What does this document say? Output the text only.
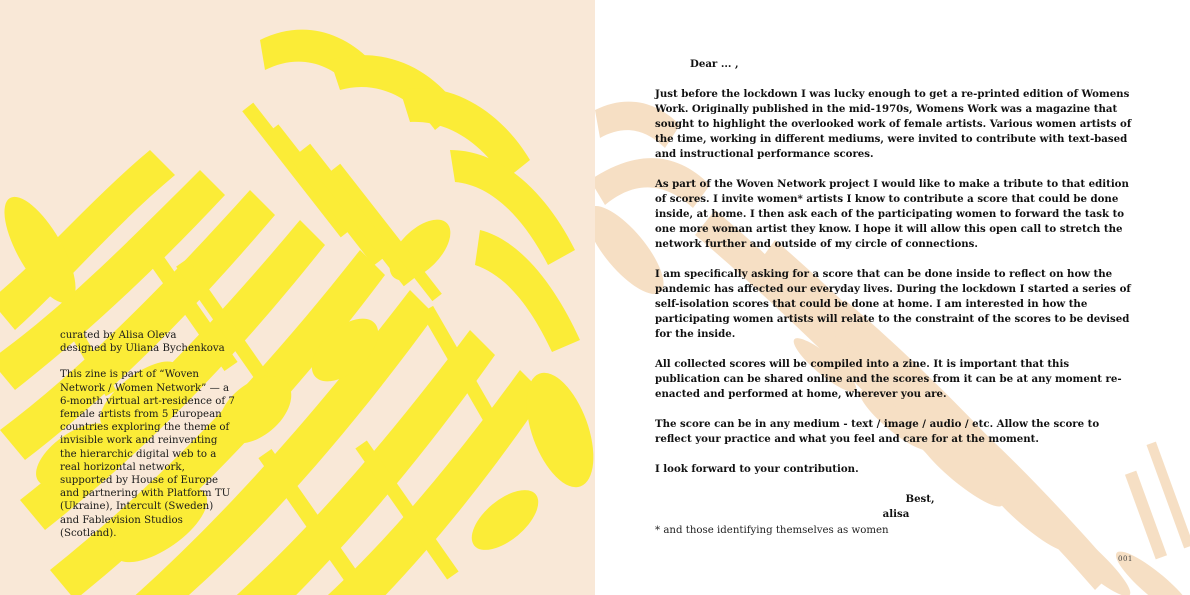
curated by Alisa Oleva
designed by Uliana Bychenkova

This zine is part of “Woven Network / Women Network” — a 6-month virtual art-residence of 7 female artists from 5 European countries exploring the theme of invisible work and reinventing the hierarchic digital web to a real horizontal network, supported by House of Europe and partnering with Platform TU (Ukraine), Intercult (Sweden) and Fablevision Studios (Scotland).

Dear ... ,

Just before the lockdown I was lucky enough to get a re-printed edition of Womens Work. Originally published in the mid-1970s, Womens Work was a magazine that sought to highlight the overlooked work of female artists. Various women artists of the time, working in different mediums, were invited to contribute with text-based and instructional performance scores.

As part of the Woven Network project I would like to make a tribute to that edition of scores. I invite women* artists I know to contribute a score that could be done inside, at home. I then ask each of the participating women to forward the task to one more woman artist they know. I hope it will allow this open call to stretch the network further and outside of my circle of connections.

I am specifically asking for a score that can be done inside to reflect on how the pandemic has affected our everyday lives. During the lockdown I started a series of self-isolation scores that could be done at home. I am interested in how the participating women artists will relate to the constraint of the scores to be devised for the inside.

All collected scores will be compiled into a zine. It is important that this publication can be shared online and the scores from it can be at any moment re-enacted and performed at home, wherever you are.

The score can be in any medium - text / image / audio / etc. Allow the score to reflect your practice and what you feel and care for at the moment.

I look forward to your contribution.

Best,
alisa

* and those identifying themselves as women
001
